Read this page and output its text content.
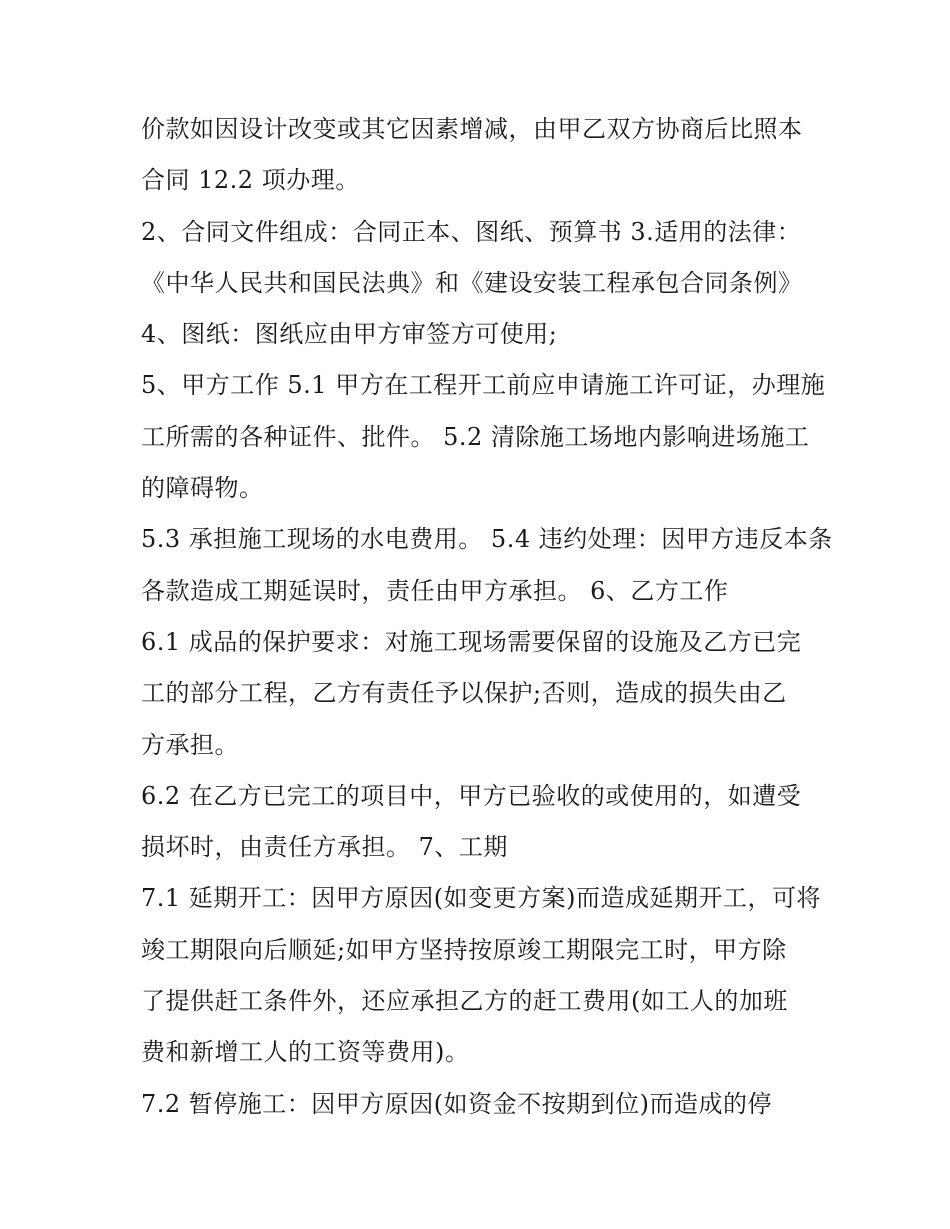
价款如因设计改变或其它因素增减，由甲乙双方协商后比照本

合同 12.2 项办理。

2、合同文件组成：合同正本、图纸、预算书 3.适用的法律：

《中华人民共和国民法典》和《建设安装工程承包合同条例》

4、图纸：图纸应由甲方审签方可使用;

5、甲方工作 5.1 甲方在工程开工前应申请施工许可证，办理施

工所需的各种证件、批件。 5.2 清除施工场地内影响进场施工

的障碍物。

5.3 承担施工现场的水电费用。 5.4 违约处理：因甲方违反本条

各款造成工期延误时，责任由甲方承担。 6、乙方工作

6.1 成品的保护要求：对施工现场需要保留的设施及乙方已完

工的部分工程，乙方有责任予以保护;否则，造成的损失由乙

方承担。

6.2 在乙方已完工的项目中，甲方已验收的或使用的，如遭受

损坏时，由责任方承担。 7、工期

7.1 延期开工：因甲方原因(如变更方案)而造成延期开工，可将

竣工期限向后顺延;如甲方坚持按原竣工期限完工时，甲方除

了提供赶工条件外，还应承担乙方的赶工费用(如工人的加班

费和新增工人的工资等费用)。

7.2 暂停施工：因甲方原因(如资金不按期到位)而造成的停
